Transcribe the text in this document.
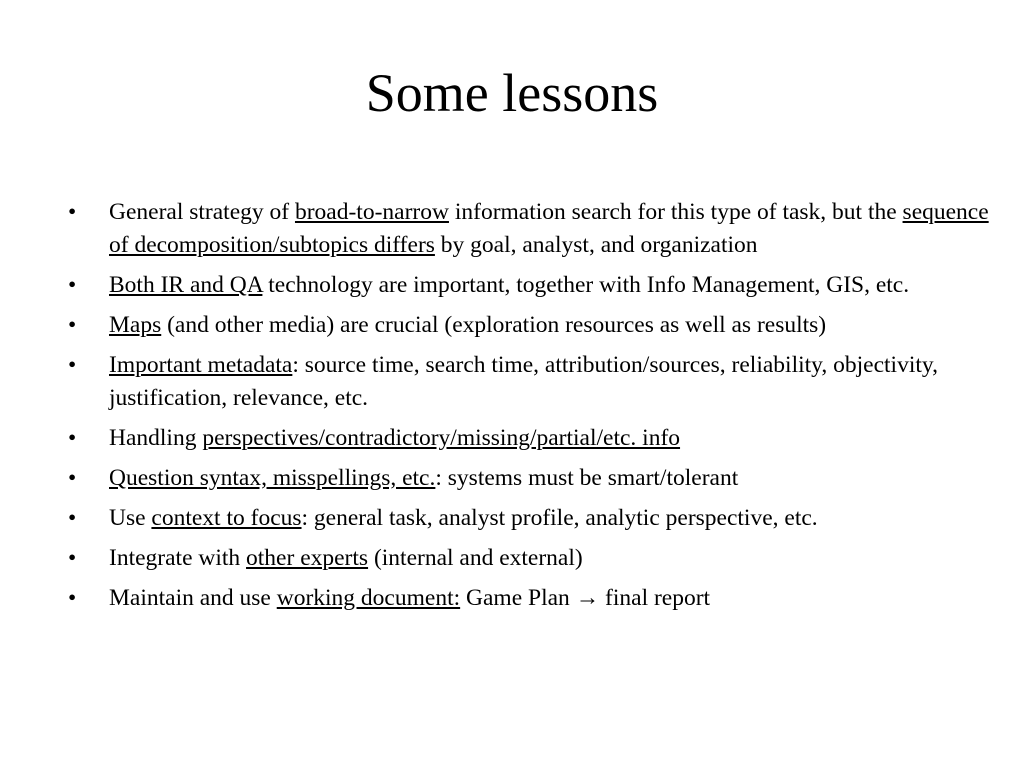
Some lessons
•	General strategy of broad-to-narrow information search for this type of task, but the sequence of decomposition/subtopics differs by goal, analyst, and organization
•	Both IR and QA technology are important, together with Info Management, GIS, etc.
•	Maps (and other media) are crucial (exploration resources as well as results)
•	Important metadata: source time, search time, attribution/sources, reliability, objectivity, justification, relevance, etc.
•	Handling perspectives/contradictory/missing/partial/etc. info
•	Question syntax, misspellings, etc.: systems must be smart/tolerant
•	Use context to focus: general task, analyst profile, analytic perspective, etc.
•	Integrate with other experts (internal and external)
•	Maintain and use working document: Game Plan → final report
